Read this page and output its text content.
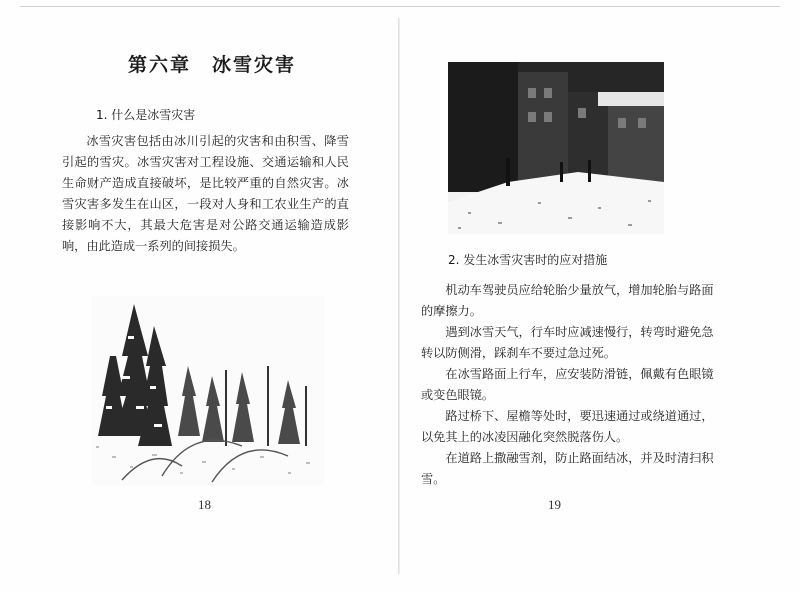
第六章　冰雪灾害
1. 什么是冰雪灾害

冰雪灾害包括由冰川引起的灾害和由积雪、降雪引起的雪灾。冰雪灾害对工程设施、交通运输和人民生命财产造成直接破坏，是比较严重的自然灾害。冰雪灾害多发生在山区，一段对人身和工农业生产的直接影响不大，其最大危害是对公路交通运输造成影响，由此造成一系列的间接损失。

18
2. 发生冰雪灾害时的应对措施

机动车驾驶员应给轮胎少量放气，增加轮胎与路面的摩擦力。

遇到冰雪天气，行车时应减速慢行，转弯时避免急转以防侧滑，踩刹车不要过急过死。

在冰雪路面上行车，应安装防滑链，佩戴有色眼镜或变色眼镜。

路过桥下、屋檐等处时，要迅速通过或绕道通过，以免其上的冰凌因融化突然脱落伤人。

在道路上撒融雪剂，防止路面结冰，并及时清扫积雪。

19
